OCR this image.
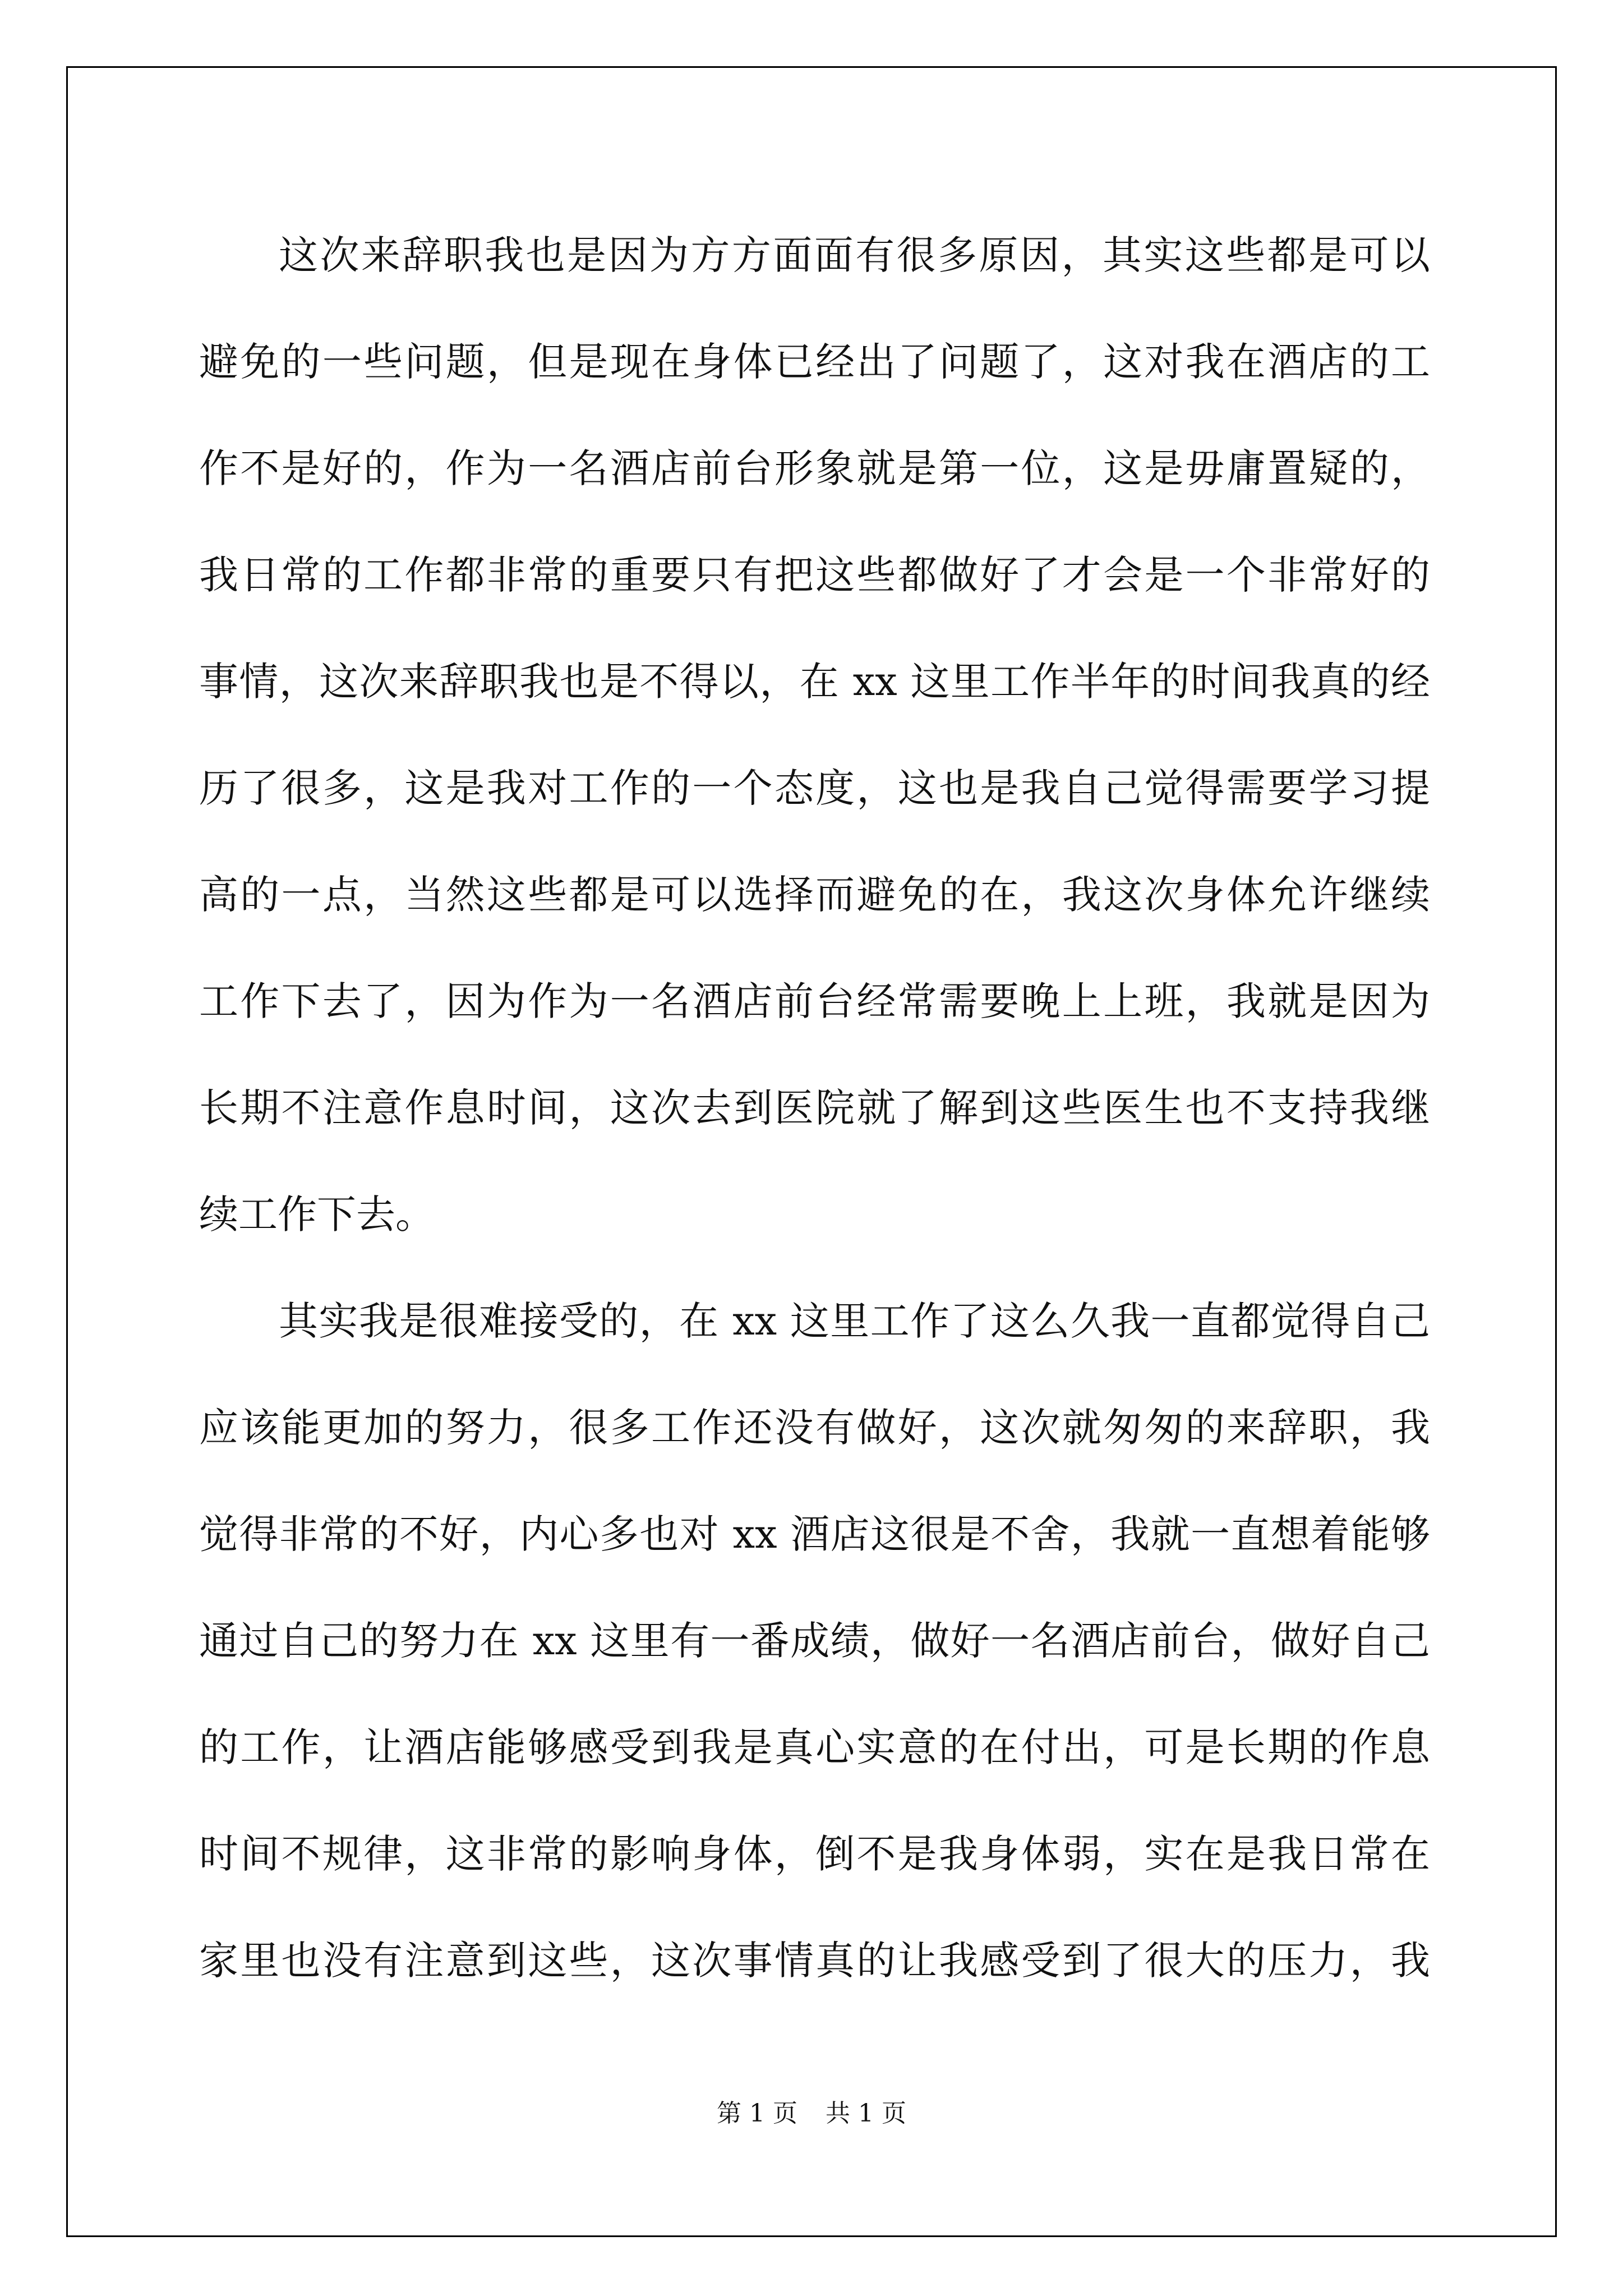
这次来辞职我也是因为方方面面有很多原因，其实这些都是可以
避免的一些问题，但是现在身体已经出了问题了，这对我在酒店的工
作不是好的，作为一名酒店前台形象就是第一位，这是毋庸置疑的，
我日常的工作都非常的重要只有把这些都做好了才会是一个非常好的
事情，这次来辞职我也是不得以，在 xx 这里工作半年的时间我真的经
历了很多，这是我对工作的一个态度，这也是我自己觉得需要学习提
高的一点，当然这些都是可以选择而避免的在，我这次身体允许继续
工作下去了，因为作为一名酒店前台经常需要晚上上班，我就是因为
长期不注意作息时间，这次去到医院就了解到这些医生也不支持我继
续工作下去。
其实我是很难接受的，在 xx 这里工作了这么久我一直都觉得自己
应该能更加的努力，很多工作还没有做好，这次就匆匆的来辞职，我
觉得非常的不好，内心多也对 xx 酒店这很是不舍，我就一直想着能够
通过自己的努力在 xx 这里有一番成绩，做好一名酒店前台，做好自己
的工作，让酒店能够感受到我是真心实意的在付出，可是长期的作息
时间不规律，这非常的影响身体，倒不是我身体弱，实在是我日常在
家里也没有注意到这些，这次事情真的让我感受到了很大的压力，我
第 1 页 共 1 页
